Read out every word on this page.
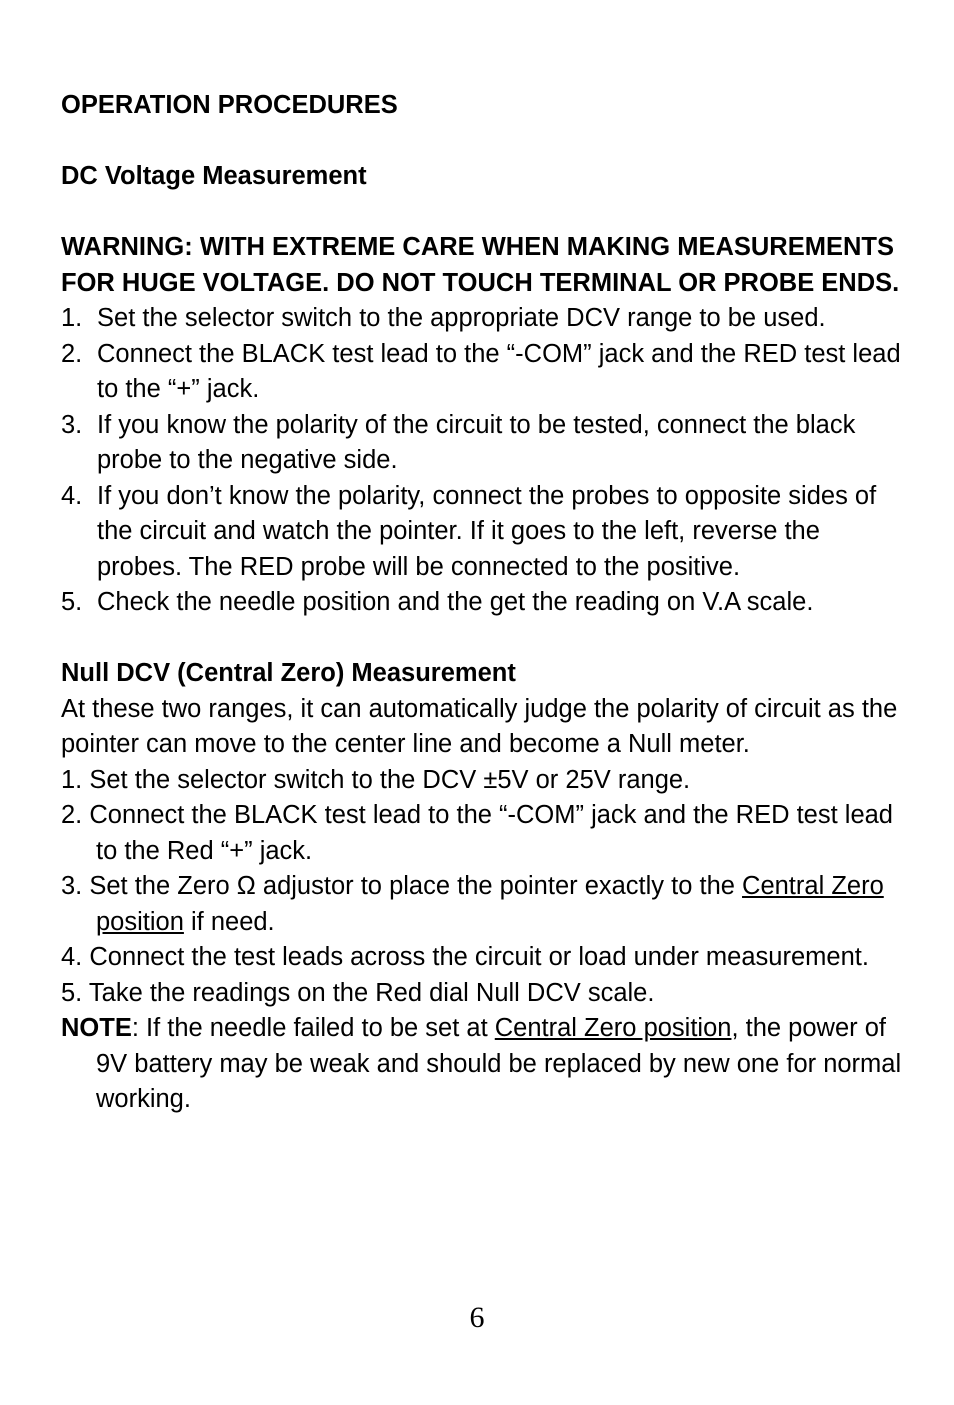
OPERATION PROCEDURES

DC Voltage Measurement

WARNING: WITH EXTREME CARE WHEN MAKING MEASUREMENTS FOR HUGE VOLTAGE. DO NOT TOUCH TERMINAL OR PROBE ENDS.

1. Set the selector switch to the appropriate DCV range to be used.
2. Connect the BLACK test lead to the “-COM” jack and the RED test lead to the “+” jack.
3. If you know the polarity of the circuit to be tested, connect the black probe to the negative side.
4. If you don’t know the polarity, connect the probes to opposite sides of the circuit and watch the pointer. If it goes to the left, reverse the probes. The RED probe will be connected to the positive.
5. Check the needle position and the get the reading on V.A scale.

Null DCV (Central Zero) Measurement

At these two ranges, it can automatically judge the polarity of circuit as the pointer can move to the center line and become a Null meter.

1. Set the selector switch to the DCV ±5V or 25V range.
2. Connect the BLACK test lead to the “-COM” jack and the RED test lead to the Red “+” jack.
3. Set the Zero Ω adjustor to place the pointer exactly to the Central Zero position if need.
4. Connect the test leads across the circuit or load under measurement.
5. Take the readings on the Red dial Null DCV scale.

NOTE: If the needle failed to be set at Central Zero position, the power of 9V battery may be weak and should be replaced by new one for normal working.

6
